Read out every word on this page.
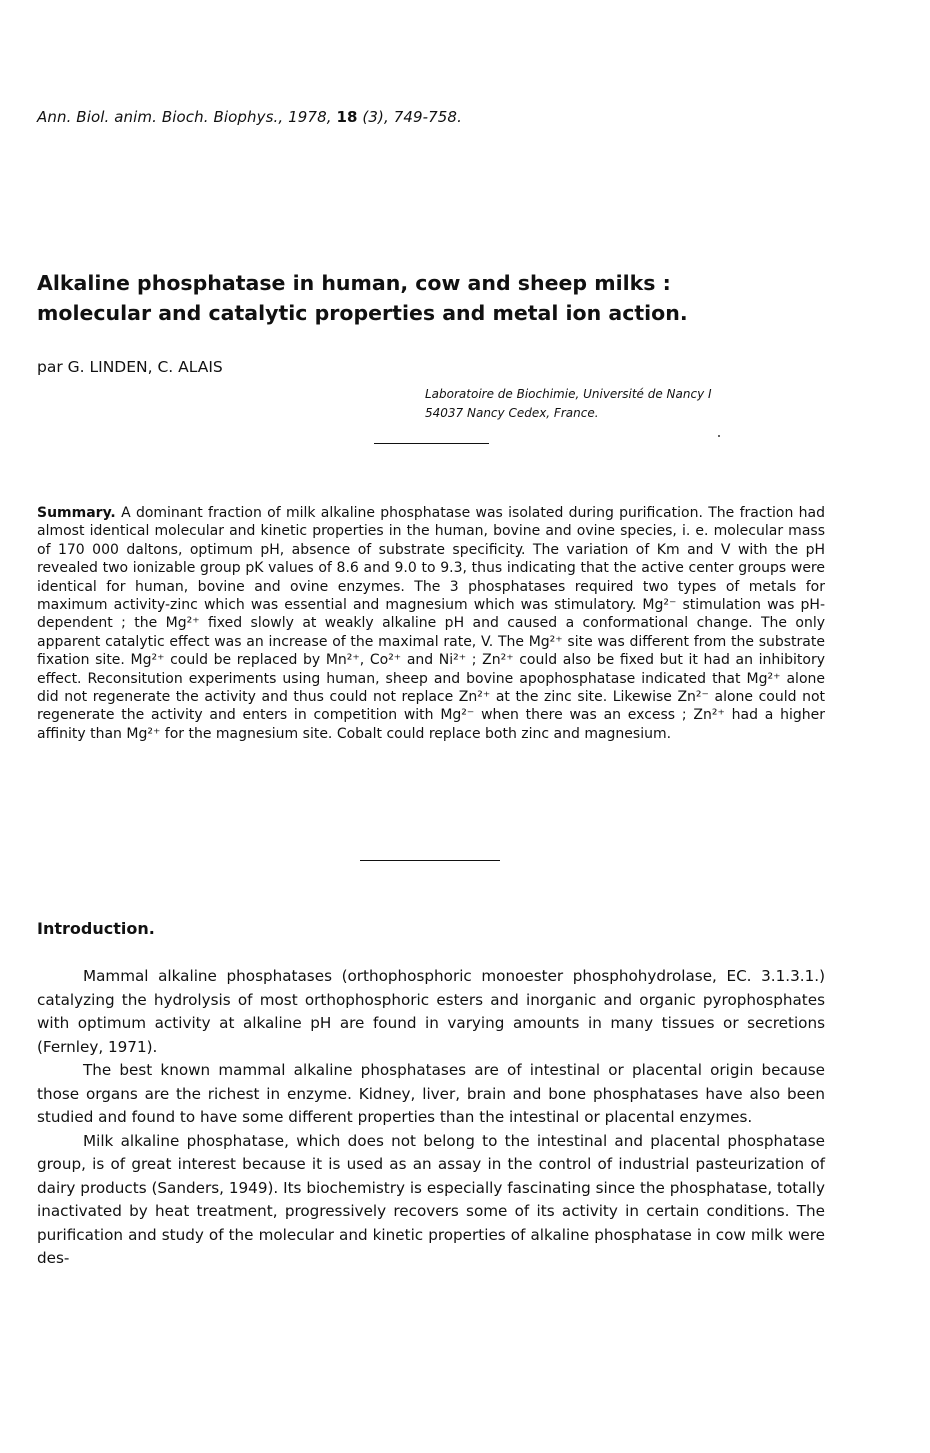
Ann. Biol. anim. Bioch. Biophys., 1978, 18 (3), 749-758.
Alkaline phosphatase in human, cow and sheep milks :
molecular and catalytic properties and metal ion action.
par G. LINDEN, C. ALAIS
Laboratoire de Biochimie, Université de Nancy I
54037 Nancy Cedex, France.
Summary. A dominant fraction of milk alkaline phosphatase was isolated during purification. The fraction had almost identical molecular and kinetic properties in the human, bovine and ovine species, i. e. molecular mass of 170 000 daltons, optimum pH, absence of substrate specificity. The variation of Km and V with the pH revealed two ionizable group pK values of 8.6 and 9.0 to 9.3, thus indicating that the active center groups were identical for human, bovine and ovine enzymes. The 3 phosphatases required two types of metals for maximum activity-zinc which was essential and magnesium which was stimulatory. Mg²⁻ stimulation was pH-dependent ; the Mg²⁺ fixed slowly at weakly alkaline pH and caused a conformational change. The only apparent catalytic effect was an increase of the maximal rate, V. The Mg²⁺ site was different from the substrate fixation site. Mg²⁺ could be replaced by Mn²⁺, Co²⁺ and Ni²⁺ ; Zn²⁺ could also be fixed but it had an inhibitory effect. Reconsitution experiments using human, sheep and bovine apophosphatase indicated that Mg²⁺ alone did not regenerate the activity and thus could not replace Zn²⁺ at the zinc site. Likewise Zn²⁻ alone could not regenerate the activity and enters in competition with Mg²⁻ when there was an excess ; Zn²⁺ had a higher affinity than Mg²⁺ for the magnesium site. Cobalt could replace both zinc and magnesium.
Introduction.

Mammal alkaline phosphatases (orthophosphoric monoester phosphohydrolase, EC. 3.1.3.1.) catalyzing the hydrolysis of most orthophosphoric esters and inorganic and organic pyrophosphates with optimum activity at alkaline pH are found in varying amounts in many tissues or secretions (Fernley, 1971).

The best known mammal alkaline phosphatases are of intestinal or placental origin because those organs are the richest in enzyme. Kidney, liver, brain and bone phosphatases have also been studied and found to have some different properties than the intestinal or placental enzymes.

Milk alkaline phosphatase, which does not belong to the intestinal and placental phosphatase group, is of great interest because it is used as an assay in the control of industrial pasteurization of dairy products (Sanders, 1949). Its biochemistry is especially fascinating since the phosphatase, totally inactivated by heat treatment, progressively recovers some of its activity in certain conditions. The purification and study of the molecular and kinetic properties of alkaline phosphatase in cow milk were des-
